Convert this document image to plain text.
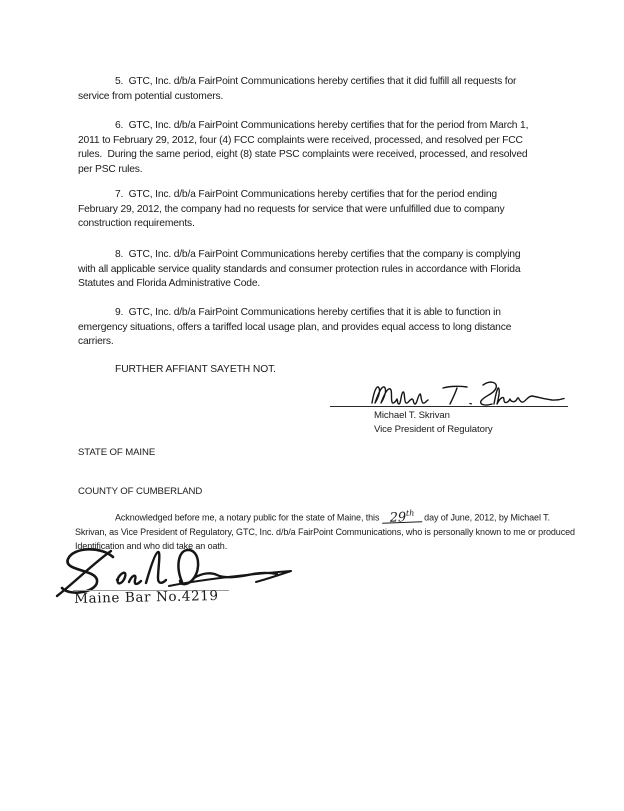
5.  GTC, Inc. d/b/a FairPoint Communications hereby certifies that it did fulfill all requests for
service from potential customers.
6.  GTC, Inc. d/b/a FairPoint Communications hereby certifies that for the period from March 1,
2011 to February 29, 2012, four (4) FCC complaints were received, processed, and resolved per FCC
rules.  During the same period, eight (8) state PSC complaints were received, processed, and resolved
per PSC rules.
7.  GTC, Inc. d/b/a FairPoint Communications hereby certifies that for the period ending
February 29, 2012, the company had no requests for service that were unfulfilled due to company
construction requirements.
8.  GTC, Inc. d/b/a FairPoint Communications hereby certifies that the company is complying
with all applicable service quality standards and consumer protection rules in accordance with Florida
Statutes and Florida Administrative Code.
9.  GTC, Inc. d/b/a FairPoint Communications hereby certifies that it is able to function in
emergency situations, offers a tariffed local usage plan, and provides equal access to long distance
carriers.
FURTHER AFFIANT SAYETH NOT.
Michael T. Skrivan
Vice President of Regulatory
STATE OF MAINE
COUNTY OF CUMBERLAND
Acknowledged before me, a notary public for the state of Maine, this 29th day of June, 2012, by Michael T.
Skrivan, as Vice President of Regulatory, GTC, Inc. d/b/a FairPoint Communications, who is personally known to me or produced
Identification and who did take an oath.
Maine Bar No.4219
